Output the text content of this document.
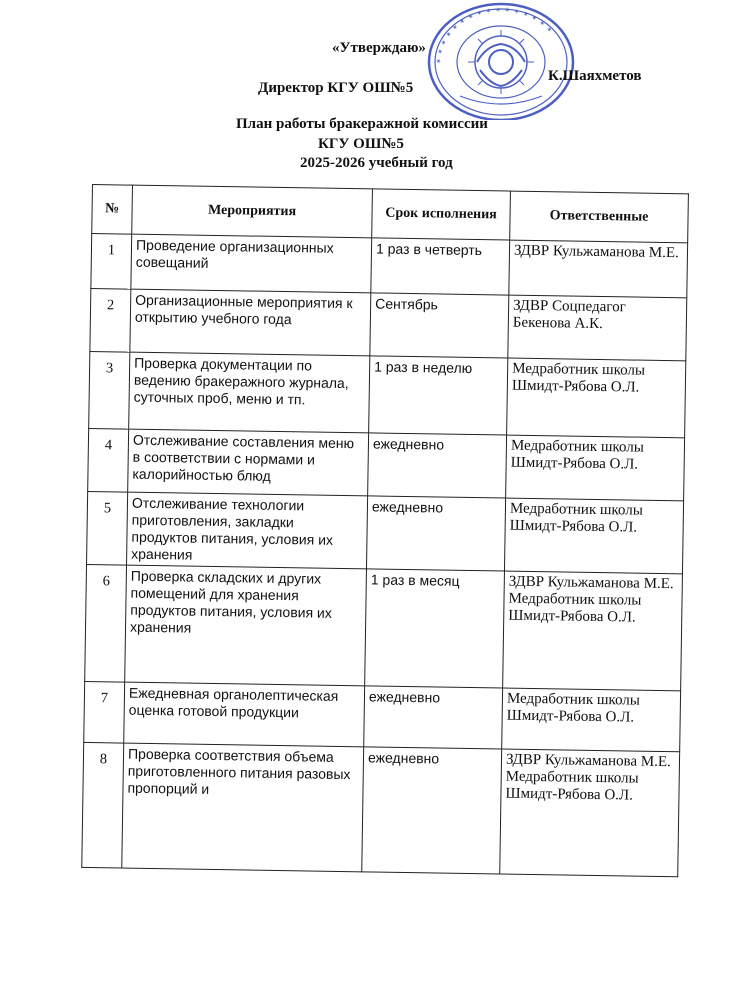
✶ ✶ ✶ ✶ ✶ ✶ ✶ ✶ ✶ ✶ ✶ ✶ ✶ ✶ ✶ ✶
«Утверждаю»
К.Шаяхметов
Директор КГУ ОШ№5
План работы бракеражной комиссии
КГУ ОШ№5
2025-2026 учебный год
№	Мероприятия	Срок исполнения	Ответственные
1	Проведение организационных совещаний	1 раз в четверть	ЗДВР Кульжаманова М.Е.
2	Организационные мероприятия к открытию учебного года	Сентябрь	ЗДВР Соцпедагог Бекенова А.К.
3	Проверка документации по ведению бракеражного журнала, суточных проб, меню и тп.	1 раз в неделю	Медработник школы Шмидт-Рябова О.Л.
4	Отслеживание составления меню в соответствии с нормами и калорийностью блюд	ежедневно	Медработник школы Шмидт-Рябова О.Л.
5	Отслеживание технологии приготовления, закладки продуктов питания, условия их хранения	ежедневно	Медработник школы Шмидт-Рябова О.Л.
6	Проверка складских и других помещений для хранения продуктов питания, условия их хранения	1 раз в месяц	ЗДВР Кульжаманова М.Е. Медработник школы Шмидт-Рябова О.Л.
7	Ежедневная органолептическая оценка готовой продукции	ежедневно	Медработник школы Шмидт-Рябова О.Л.
8	Проверка соответствия объема приготовленного питания разовых пропорций и	ежедневно	ЗДВР Кульжаманова М.Е. Медработник школы Шмидт-Рябова О.Л.
